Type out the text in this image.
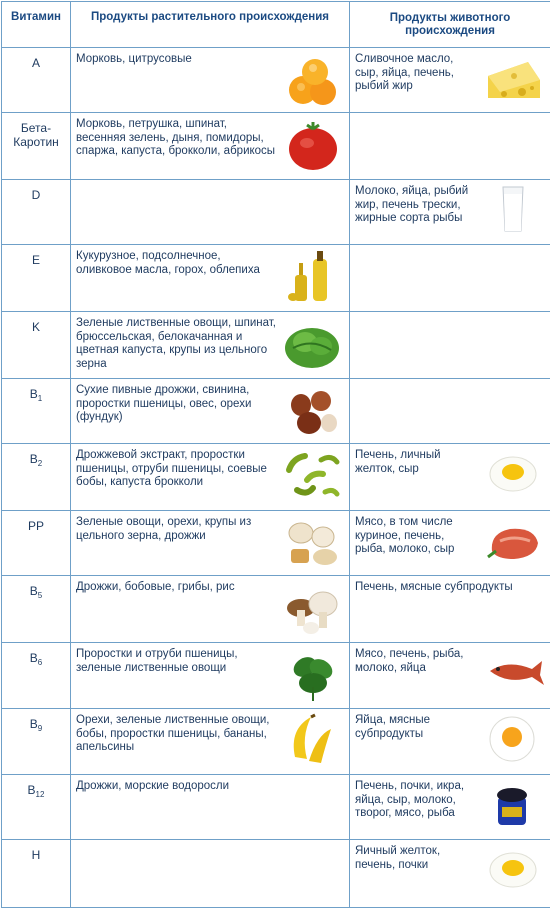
Витамин	Продукты растительного происхождения	Продукты животного происхождения
A	Морковь, цитрусовые	Сливочное масло, сыр, яйца, печень, рыбий жир

Бета-Каротин	Морковь, петрушка, шпинат, весенняя зелень, дыня, помидоры, спаржа, капуста, брокколи, абрикосы	

D		Молоко, яйца, рыбий жир, печень трески, жирные сорта рыбы

E	Кукурузное, подсолнечное, оливковое масла, горох, облепиха	

K	Зеленые лиственные овощи, шпинат, брюссельская, белокачанная и цветная капуста, крупы из цельного зерна	

$B_1$	Сухие пивные дрожжи, свинина, проростки пшеницы, овес, орехи (фундук)	

$B_2$	Дрожжевой экстракт, проростки пшеницы, отруби пшеницы, соевые бобы, капуста брокколи	Печень, личный желток, сыр

PP	Зеленые овощи, орехи, крупы из цельного зерна, дрожжи	Мясо, в том числе куриное, печень, рыба, молоко, сыр

$B_5$	Дрожжи, бобовые, грибы, рис	Печень, мясные субпродукты

$B_6$	Проростки и отруби пшеницы, зеленые лиственные овощи	Мясо, печень, рыба, молоко, яйца

$B_9$	Орехи, зеленые лиственные овощи, бобы, проростки пшеницы, бананы, апельсины	Яйца, мясные субпродукты

$B_{12}$	Дрожжи, морские водоросли	Печень, почки, икра, яйца, сыр, молоко, творог, мясо, рыба

H		Яичный желток, печень, почки
